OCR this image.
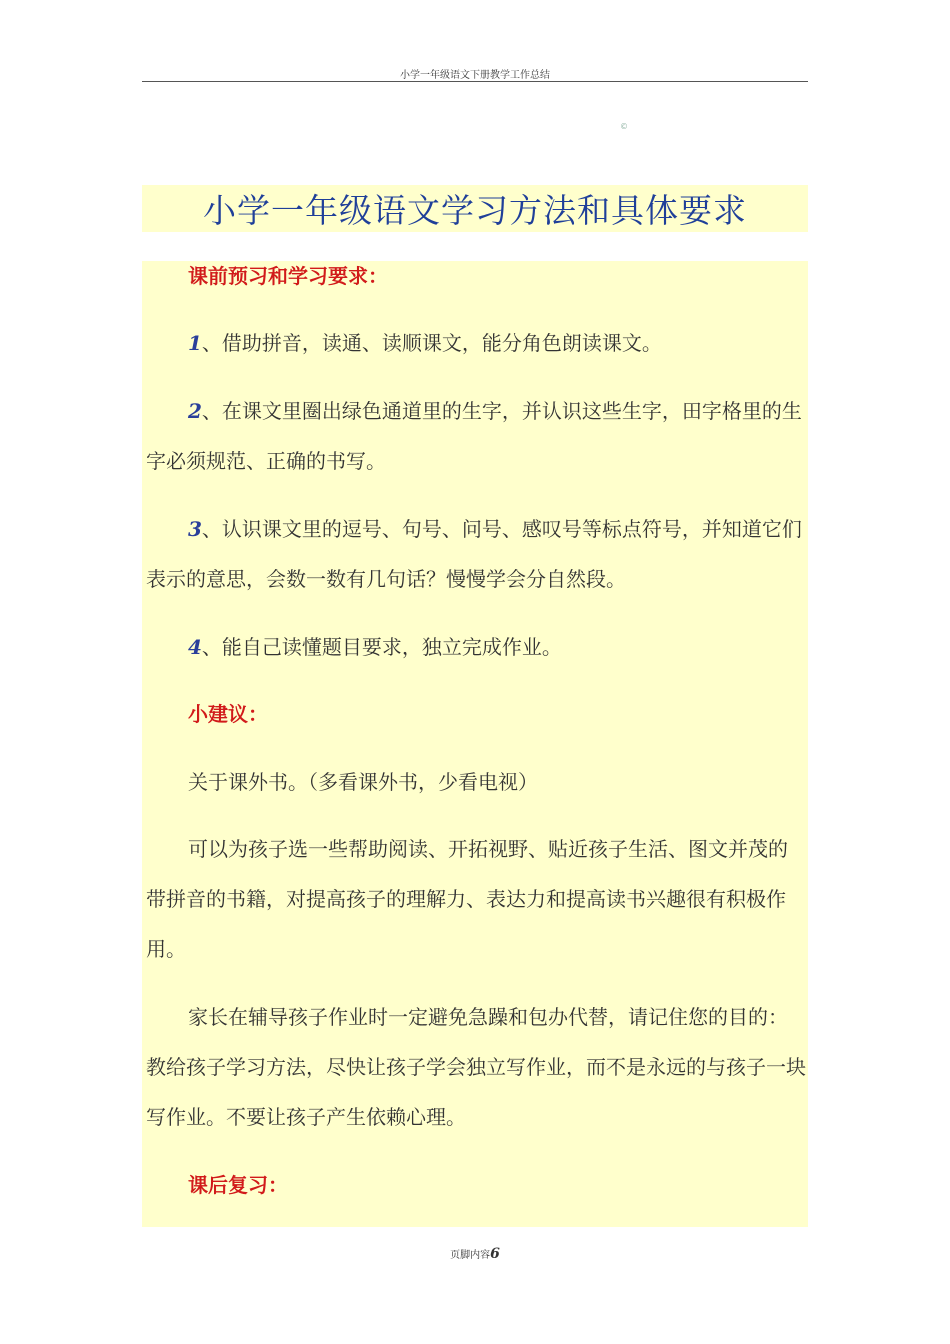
小学一年级语文下册教学工作总结
©
小学一年级语文学习方法和具体要求

课前预习和学习要求：

1、借助拼音，读通、读顺课文，能分角色朗读课文。

2、在课文里圈出绿色通道里的生字，并认识这些生字，田字格里的生字必须规范、正确的书写。

3、认识课文里的逗号、句号、问号、感叹号等标点符号，并知道它们表示的意思，会数一数有几句话？慢慢学会分自然段。

4、能自己读懂题目要求，独立完成作业。

小建议：

关于课外书。（多看课外书，少看电视）

可以为孩子选一些帮助阅读、开拓视野、贴近孩子生活、图文并茂的带拼音的书籍，对提高孩子的理解力、表达力和提高读书兴趣很有积极作用。

家长在辅导孩子作业时一定避免急躁和包办代替，请记住您的目的：教给孩子学习方法，尽快让孩子学会独立写作业，而不是永远的与孩子一块写作业。不要让孩子产生依赖心理。

课后复习：

页脚内容6
